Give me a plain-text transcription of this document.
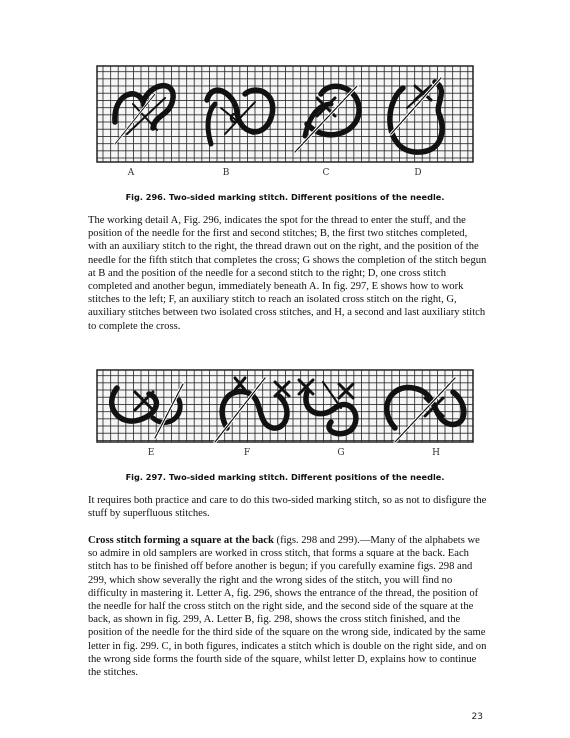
A	B	C	D
Fig. 296. Two-sided marking stitch. Different positions of the needle.

The working detail A, Fig. 296, indicates the spot for the thread to enter the stuff, and the position of the needle for the first and second stitches; B, the first two stitches completed, with an auxiliary stitch to the right, the thread drawn out on the right, and the position of the needle for the fifth stitch that completes the cross; G shows the completion of the stitch begun at B and the position of the needle for a second stitch to the right; D, one cross stitch completed and another begun, immediately beneath A. In fig. 297, E shows how to work stitches to the left; F, an auxiliary stitch to reach an isolated cross stitch on the right, G, auxiliary stitches between two isolated cross stitches, and H, a second and last auxiliary stitch to complete the cross.

E	F	G	H
Fig. 297. Two-sided marking stitch. Different positions of the needle.

It requires both practice and care to do this two-sided marking stitch, so as not to disfigure the stuff by superfluous stitches.

Cross stitch forming a square at the back (figs. 298 and 299).—Many of the alphabets we so admire in old samplers are worked in cross stitch, that forms a square at the back. Each stitch has to be finished off before another is begun; if you carefully examine figs. 298 and 299, which show severally the right and the wrong sides of the stitch, you will find no difficulty in mastering it. Letter A, fig. 296, shows the entrance of the thread, the position of the needle for half the cross stitch on the right side, and the second side of the square at the back, as shown in fig. 299, A. Letter B, fig. 298, shows the cross stitch finished, and the position of the needle for the third side of the square on the wrong side, indicated by the same letter in fig. 299. C, in both figures, indicates a stitch which is double on the right side, and on the wrong side forms the fourth side of the square, whilst letter D, explains how to continue the stitches.

23
